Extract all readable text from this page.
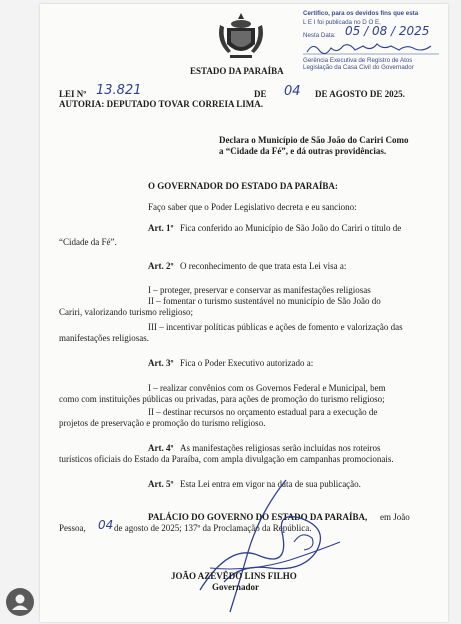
ESTADO DA PARAÍBA
Certifico, para os devidos fins que esta
L E I foi publicada no D O E,
Nesta Data: 05 / 08 / 2025
Gerência Executiva de Registro de Atos
Legislação da Casa Civil do Governador
LEI Nº 13.821	DE 04 DE AGOSTO DE 2025.
AUTORIA: DEPUTADO TOVAR CORREIA LIMA.
Declara o Município de São João do Cariri Como
a “Cidade da Fé”, e dá outras providências.
O GOVERNADOR DO ESTADO DA PARAÍBA:
Faço saber que o Poder Legislativo decreta e eu sanciono:
Art. 1º Fica conferido ao Município de São João do Cariri o título de
“Cidade da Fé”.
Art. 2º O reconhecimento de que trata esta Lei visa a:
I – proteger, preservar e conservar as manifestações religiosas
II – fomentar o turismo sustentável no município de São João do
Cariri, valorizando turismo religioso;
III – incentivar políticas públicas e ações de fomento e valorização das
manifestações religiosas.
Art. 3º Fica o Poder Executivo autorizado a:
I – realizar convênios com os Governos Federal e Municipal, bem
como com instituições públicas ou privadas, para ações de promoção do turismo religioso;
II – destinar recursos no orçamento estadual para a execução de
projetos de preservação e promoção do turismo religioso.
Art. 4º As manifestações religiosas serão incluídas nos roteiros
turísticos oficiais do Estado da Paraíba, com ampla divulgação em campanhas promocionais.
Art. 5º Esta Lei entra em vigor na data de sua publicação.
PALÁCIO DO GOVERNO DO ESTADO DA PARAÍBA, em João
Pessoa, 04 de agosto de 2025; 137º da Proclamação da República.
JOÃO AZEVÊDO LINS FILHO
Governador
